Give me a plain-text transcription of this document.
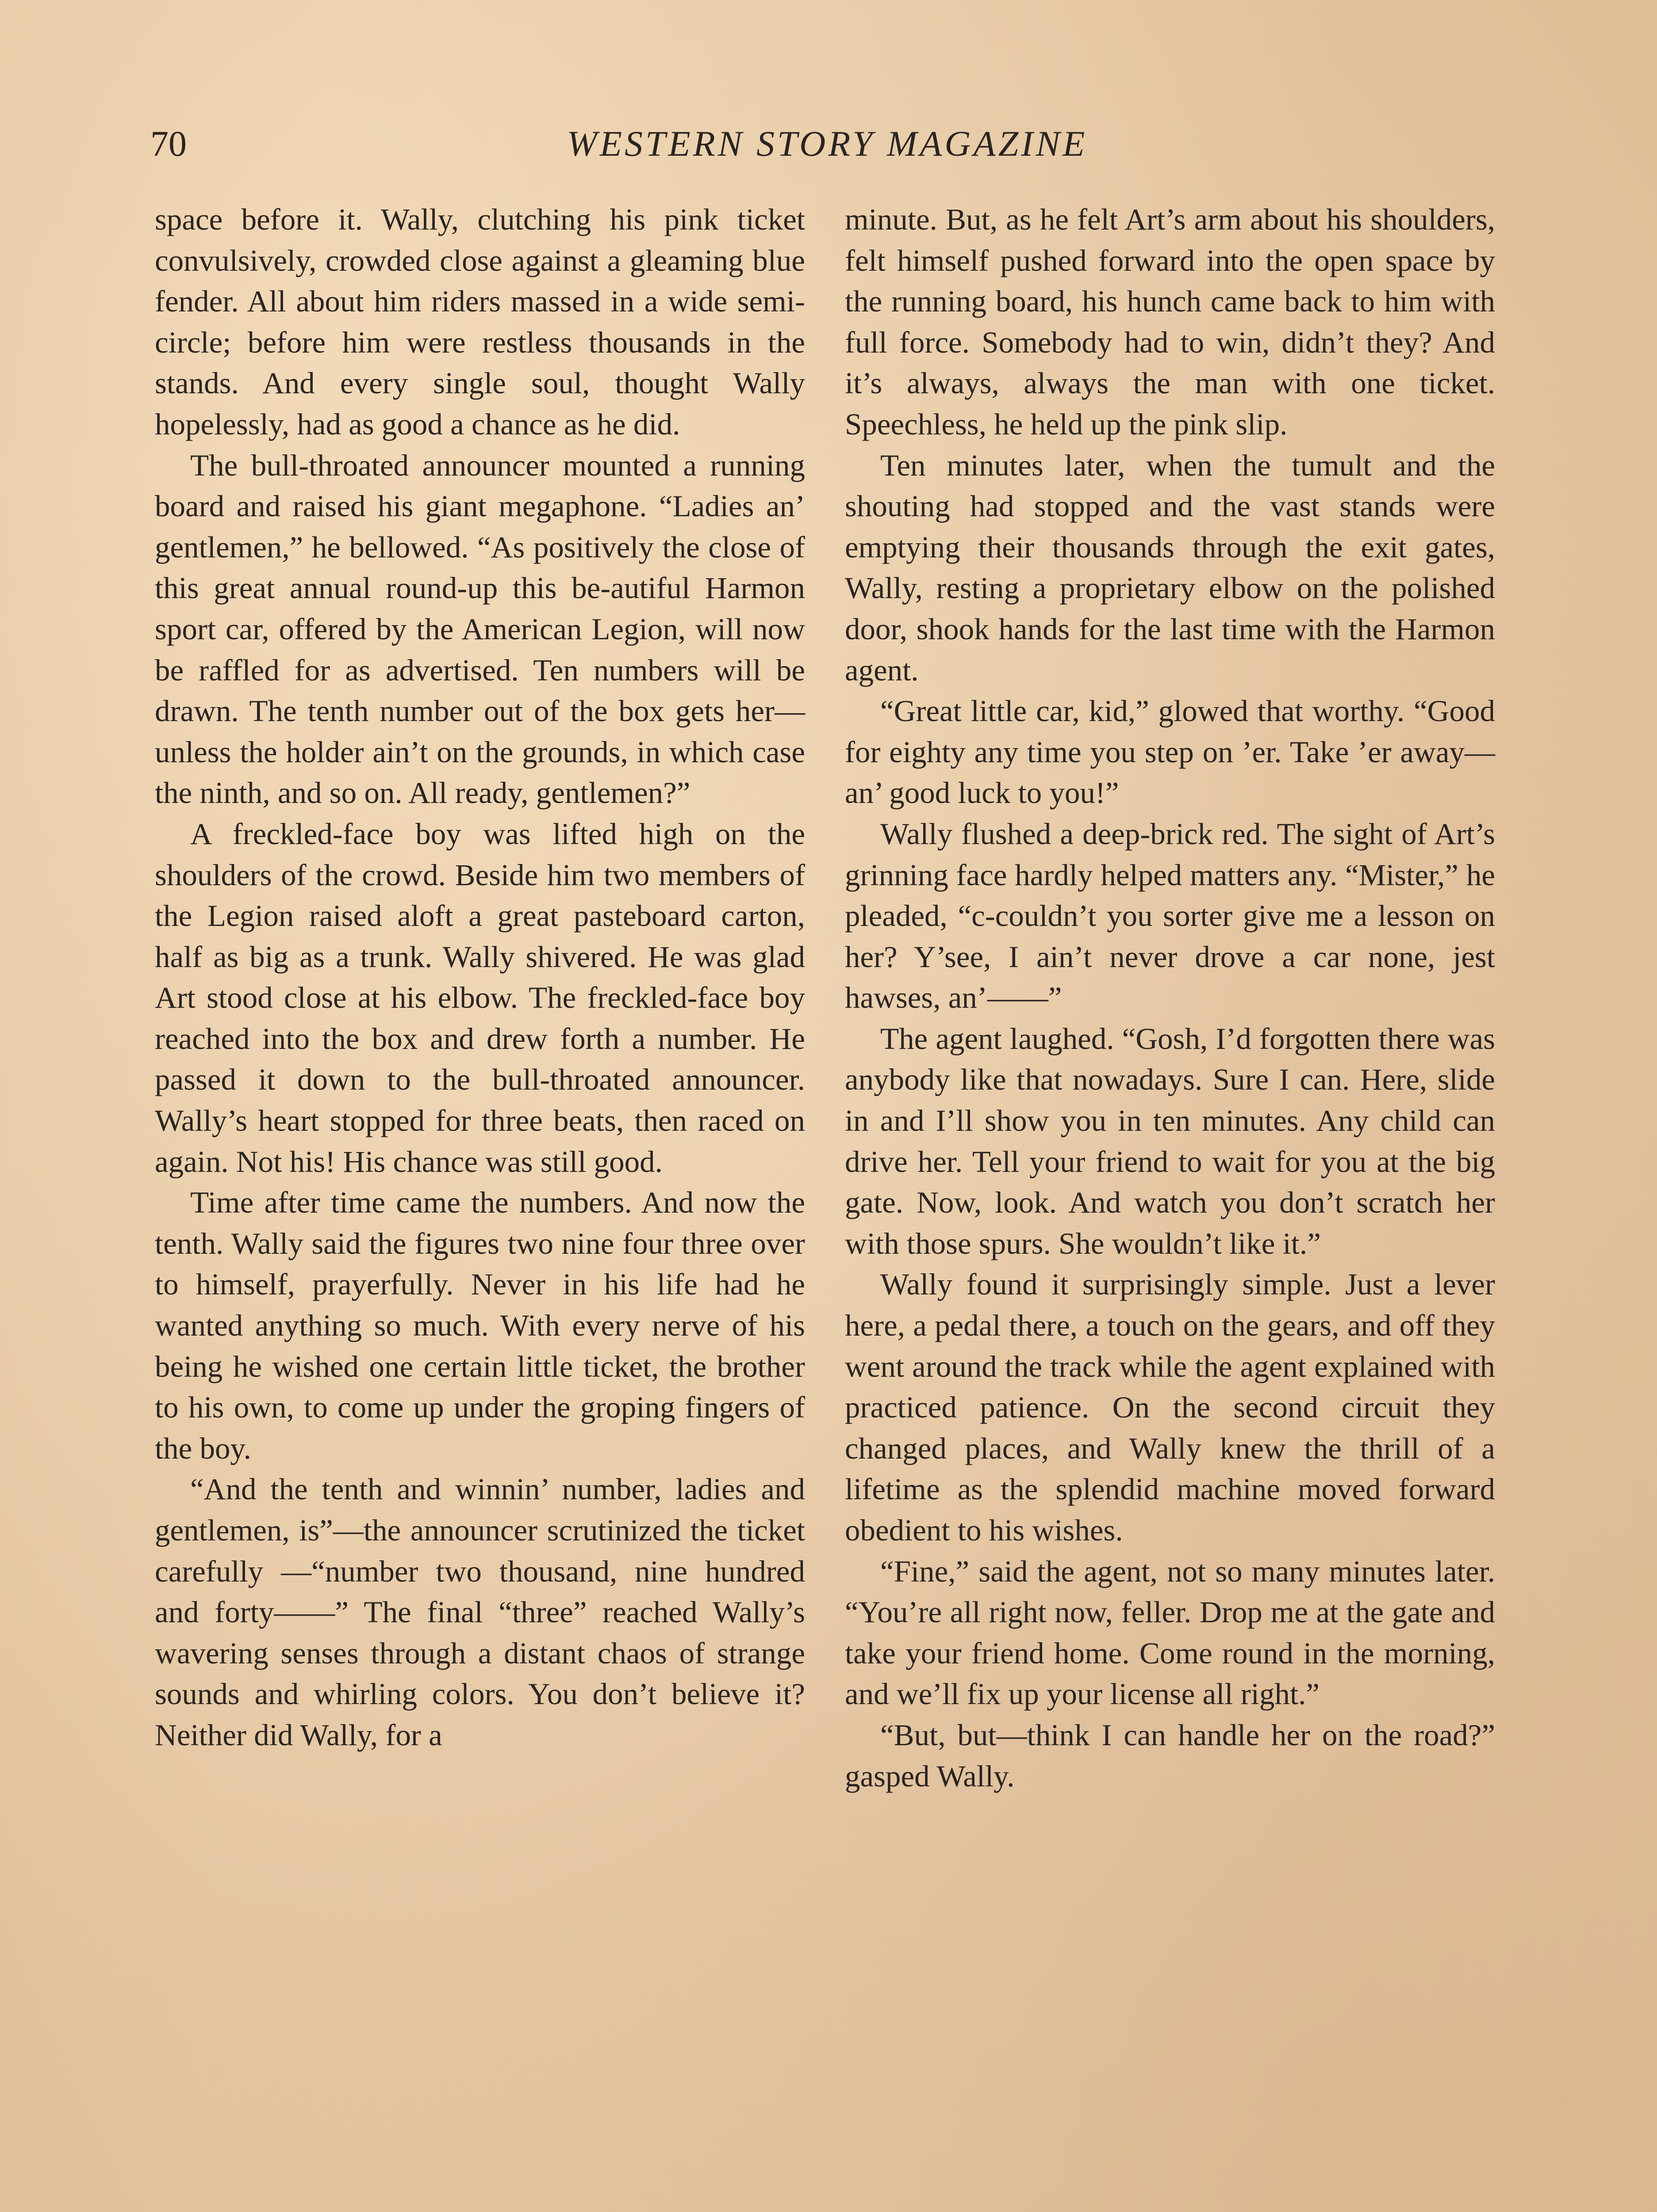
70	WESTERN STORY MAGAZINE

space before it. Wally, clutching his pink ticket convulsively, crowded close against a gleaming blue fender. All about him riders massed in a wide semicircle; before him were restless thousands in the stands. And every single soul, thought Wally hopelessly, had as good a chance as he did.

The bull-throated announcer mounted a running board and raised his giant megaphone. “Ladies an’ gentlemen,” he bellowed. “As positively the close of this great annual round-up this be-autiful Harmon sport car, offered by the American Legion, will now be raffled for as advertised. Ten numbers will be drawn. The tenth number out of the box gets her—unless the holder ain’t on the grounds, in which case the ninth, and so on. All ready, gentlemen?”

A freckled-face boy was lifted high on the shoulders of the crowd. Beside him two members of the Legion raised aloft a great pasteboard carton, half as big as a trunk. Wally shivered. He was glad Art stood close at his elbow. The freckled-face boy reached into the box and drew forth a number. He passed it down to the bull-throated announcer. Wally’s heart stopped for three beats, then raced on again. Not his! His chance was still good.

Time after time came the numbers. And now the tenth. Wally said the figures two nine four three over to himself, prayerfully. Never in his life had he wanted anything so much. With every nerve of his being he wished one certain little ticket, the brother to his own, to come up under the groping fingers of the boy.

“And the tenth and winnin’ number, ladies and gentlemen, is”—the announcer scrutinized the ticket carefully —“number two thousand, nine hundred and forty——” The final “three” reached Wally’s wavering senses through a distant chaos of strange sounds and whirling colors. You don’t believe it? Neither did Wally, for a

minute. But, as he felt Art’s arm about his shoulders, felt himself pushed forward into the open space by the running board, his hunch came back to him with full force. Somebody had to win, didn’t they? And it’s always, always the man with one ticket. Speechless, he held up the pink slip.

Ten minutes later, when the tumult and the shouting had stopped and the vast stands were emptying their thousands through the exit gates, Wally, resting a proprietary elbow on the polished door, shook hands for the last time with the Harmon agent.

“Great little car, kid,” glowed that worthy. “Good for eighty any time you step on ’er. Take ’er away—an’ good luck to you!”

Wally flushed a deep-brick red. The sight of Art’s grinning face hardly helped matters any. “Mister,” he pleaded, “c-couldn’t you sorter give me a lesson on her? Y’see, I ain’t never drove a car none, jest hawses, an’——”

The agent laughed. “Gosh, I’d forgotten there was anybody like that nowadays. Sure I can. Here, slide in and I’ll show you in ten minutes. Any child can drive her. Tell your friend to wait for you at the big gate. Now, look. And watch you don’t scratch her with those spurs. She wouldn’t like it.”

Wally found it surprisingly simple. Just a lever here, a pedal there, a touch on the gears, and off they went around the track while the agent explained with practiced patience. On the second circuit they changed places, and Wally knew the thrill of a lifetime as the splendid machine moved forward obedient to his wishes.

“Fine,” said the agent, not so many minutes later. “You’re all right now, feller. Drop me at the gate and take your friend home. Come round in the morning, and we’ll fix up your license all right.”

“But, but—think I can handle her on the road?” gasped Wally.
